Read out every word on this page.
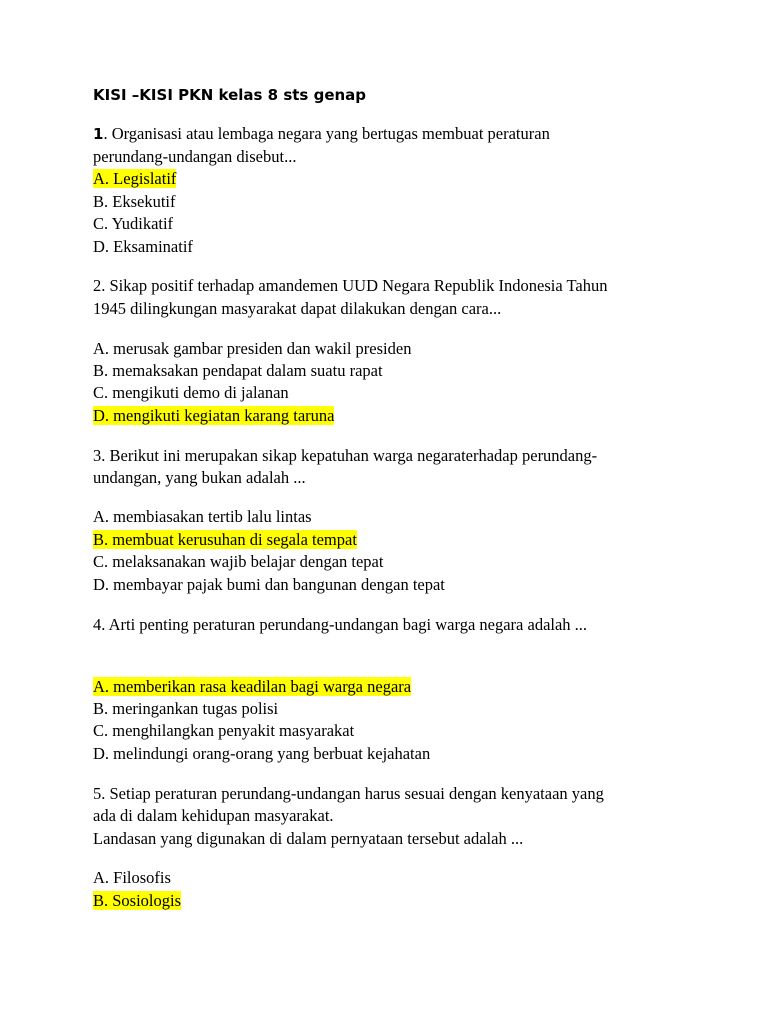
KISI –KISI PKN kelas 8 sts genap
1. Organisasi atau lembaga negara yang bertugas membuat peraturan
perundang-undangan disebut...
A. Legislatif
B. Eksekutif
C. Yudikatif
D. Eksaminatif
2. Sikap positif terhadap amandemen UUD Negara Republik Indonesia Tahun
1945 dilingkungan masyarakat dapat dilakukan dengan cara...
A. merusak gambar presiden dan wakil presiden
B. memaksakan pendapat dalam suatu rapat
C. mengikuti demo di jalanan
D. mengikuti kegiatan karang taruna
3. Berikut ini merupakan sikap kepatuhan warga negaraterhadap perundang-
undangan, yang bukan adalah ...
A. membiasakan tertib lalu lintas
B. membuat kerusuhan di segala tempat
C. melaksanakan wajib belajar dengan tepat
D. membayar pajak bumi dan bangunan dengan tepat
4. Arti penting peraturan perundang-undangan bagi warga negara adalah ...
A. memberikan rasa keadilan bagi warga negara
B. meringankan tugas polisi
C. menghilangkan penyakit masyarakat
D. melindungi orang-orang yang berbuat kejahatan
5. Setiap peraturan perundang-undangan harus sesuai dengan kenyataan yang
ada di dalam kehidupan masyarakat.
Landasan yang digunakan di dalam pernyataan tersebut adalah ...
A. Filosofis
B. Sosiologis
